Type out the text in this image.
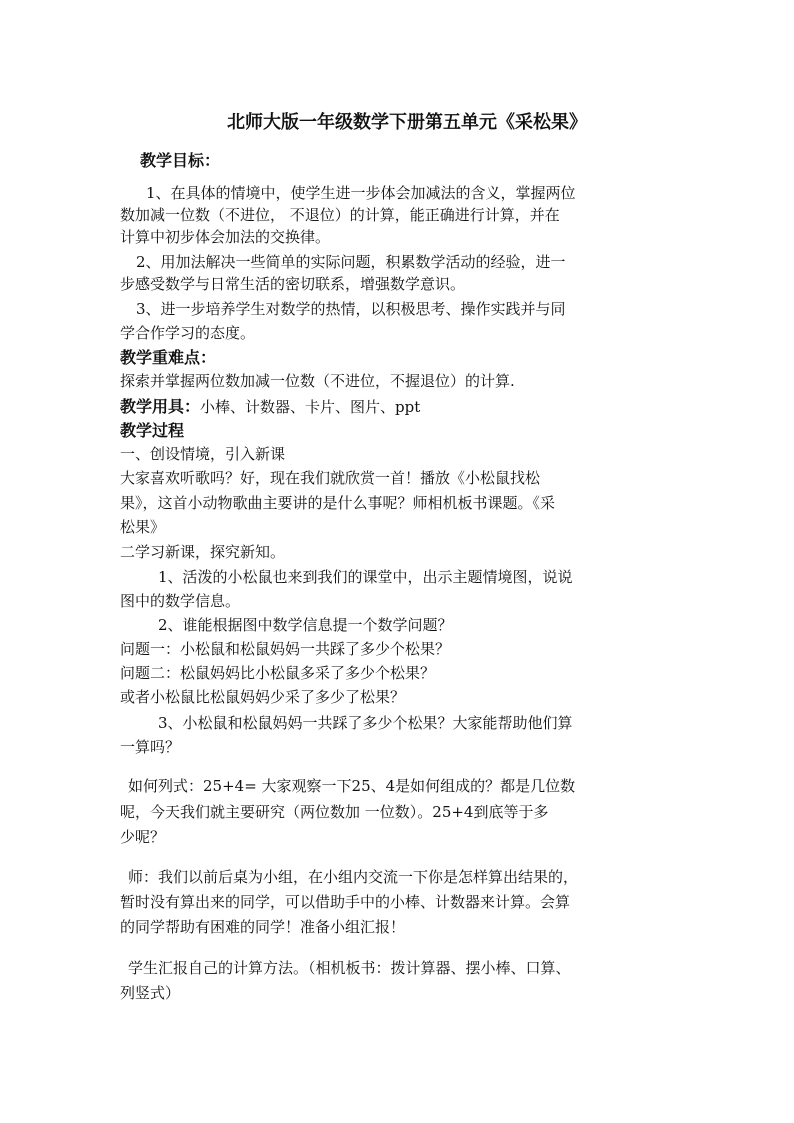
北师大版一年级数学下册第五单元《采松果》
教学目标：
1、在具体的情境中，使学生进一步体会加减法的含义，掌握两位
数加减一位数（不进位， 不退位）的计算，能正确进行计算，并在
计算中初步体会加法的交换律。
2、用加法解决一些简单的实际问题，积累数学活动的经验，进一
步感受数学与日常生活的密切联系，增强数学意识。
3、进一步培养学生对数学的热情，以积极思考、操作实践并与同
学合作学习的态度。
教学重难点：
探索并掌握两位数加减一位数（不进位，不握退位）的计算.
教学用具：小棒、计数器、卡片、图片、ppt
教学过程
一、创设情境，引入新课
大家喜欢听歌吗？好，现在我们就欣赏一首！播放《小松鼠找松
果》，这首小动物歌曲主要讲的是什么事呢？师相机板书课题。《采
松果》
二学习新课，探究新知。
1、活泼的小松鼠也来到我们的课堂中，出示主题情境图，说说
图中的数学信息。
2、谁能根据图中数学信息提一个数学问题？
问题一：小松鼠和松鼠妈妈一共踩了多少个松果？
问题二：松鼠妈妈比小松鼠多采了多少个松果？
或者小松鼠比松鼠妈妈少采了多少了松果？
3、小松鼠和松鼠妈妈一共踩了多少个松果？大家能帮助他们算
一算吗？
如何列式：25+4= 大家观察一下25、4是如何组成的？都是几位数
呢，今天我们就主要研究（两位数加 一位数）。25+4到底等于多
少呢？
师：我们以前后桌为小组，在小组内交流一下你是怎样算出结果的，
暂时没有算出来的同学，可以借助手中的小棒、计数器来计算。会算
的同学帮助有困难的同学！准备小组汇报！
学生汇报自己的计算方法。（相机板书：拨计算器、摆小棒、口算、
列竖式）
